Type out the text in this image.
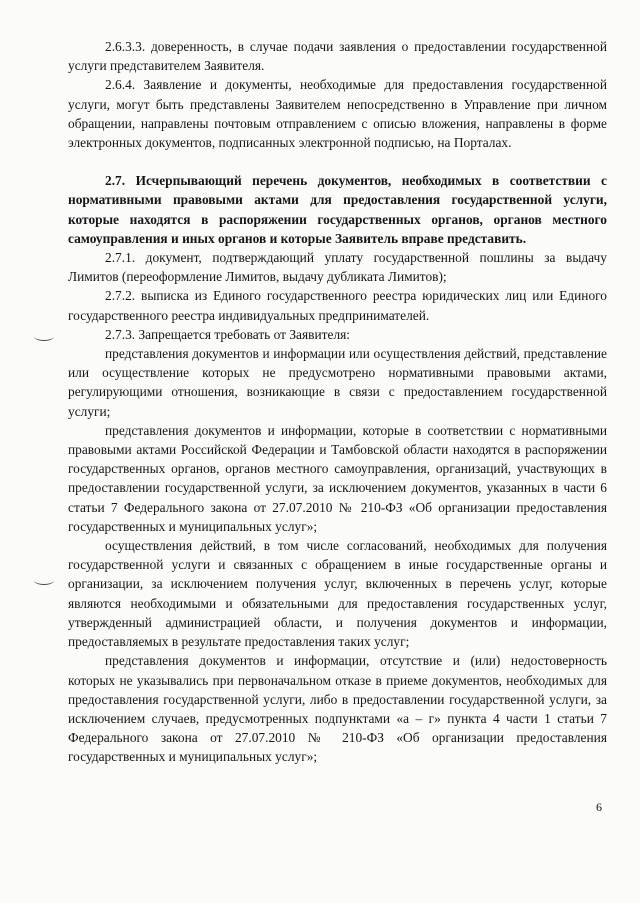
2.6.3.3. доверенность, в случае подачи заявления о предоставлении государственной услуги представителем Заявителя.

2.6.4. Заявление и документы, необходимые для предоставления государственной услуги, могут быть представлены Заявителем непосредственно в Управление при личном обращении, направлены почтовым отправлением с описью вложения, направлены в форме электронных документов, подписанных электронной подписью, на Порталах.

2.7. Исчерпывающий перечень документов, необходимых в соответствии с нормативными правовыми актами для предоставления государственной услуги, которые находятся в распоряжении государственных органов, органов местного самоуправления и иных органов и которые Заявитель вправе представить.

2.7.1. документ, подтверждающий уплату государственной пошлины за выдачу Лимитов (переоформление Лимитов, выдачу дубликата Лимитов);

2.7.2. выписка из Единого государственного реестра юридических лиц или Единого государственного реестра индивидуальных предпринимателей.

2.7.3. Запрещается требовать от Заявителя:

представления документов и информации или осуществления действий, представление или осуществление которых не предусмотрено нормативными правовыми актами, регулирующими отношения, возникающие в связи с предоставлением государственной услуги;

представления документов и информации, которые в соответствии с нормативными правовыми актами Российской Федерации и Тамбовской области находятся в распоряжении государственных органов, органов местного самоуправления, организаций, участвующих в предоставлении государственной услуги, за исключением документов, указанных в части 6 статьи 7 Федерального закона от 27.07.2010 № 210-ФЗ «Об организации предоставления государственных и муниципальных услуг»;

осуществления действий, в том числе согласований, необходимых для получения государственной услуги и связанных с обращением в иные государственные органы и организации, за исключением получения услуг, включенных в перечень услуг, которые являются необходимыми и обязательными для предоставления государственных услуг, утвержденный администрацией области, и получения документов и информации, предоставляемых в результате предоставления таких услуг;

представления документов и информации, отсутствие и (или) недостоверность которых не указывались при первоначальном отказе в приеме документов, необходимых для предоставления государственной услуги, либо в предоставлении государственной услуги, за исключением случаев, предусмотренных подпунктами «а – г» пункта 4 части 1 статьи 7 Федерального закона от 27.07.2010 № 210-ФЗ «Об организации предоставления государственных и муниципальных услуг»;

6
